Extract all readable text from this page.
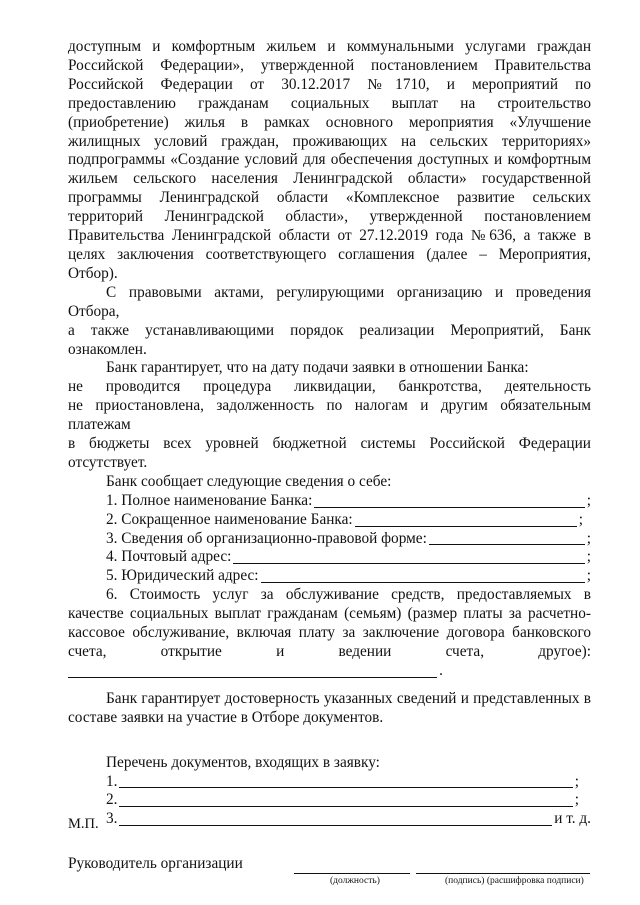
доступным и комфортным жильем и коммунальными услугами граждан

Российской Федерации», утвержденной постановлением Правительства

Российской Федерации от 30.12.2017 №1710, и мероприятий по

предоставлению гражданам социальных выплат на строительство

(приобретение) жилья в рамках основного мероприятия «Улучшение

жилищных условий граждан, проживающих на сельских территориях»

подпрограммы «Создание условий для обеспечения доступных и комфортным

жильем сельского населения Ленинградской области» государственной

программы Ленинградской области «Комплексное развитие сельских

территорий Ленинградской области», утвержденной постановлением

Правительства Ленинградской области от 27.12.2019 года №636, а также в

целях заключения соответствующего соглашения (далее – Мероприятия,

Отбор).

С правовыми актами, регулирующими организацию и проведения

Отбора,

а также устанавливающими порядок реализации Мероприятий, Банк

ознакомлен.

Банк гарантирует, что на дату подачи заявки в отношении Банка:

не проводится процедура ликвидации, банкротства, деятельность

не приостановлена, задолженность по налогам и другим обязательным

платежам

в бюджеты всех уровней бюджетной системы Российской Федерации

отсутствует.

Банк сообщает следующие сведения о себе:

1. Полное наименование Банка:	;
2. Сокращенное наименование Банка:	;
3. Сведения об организационно-правовой форме:	;
4. Почтовый адрес:	;
5. Юридический адрес:	;

6. Стоимость услуг за обслуживание средств, предоставляемых в

качестве социальных выплат гражданам (семьям) (размер платы за расчетно-

кассовое обслуживание, включая плату за заключение договора банковского

счета, открытие и ведении счета, другое):

.

Банк гарантирует достоверность указанных сведений и представленных в

составе заявки на участие в Отборе документов.

Перечень документов, входящих в заявку:

1.	;
2.	;
3.	и т. д.
Руководитель организации
(должность)	(подпись) (расшифровка подписи)
М.П.
